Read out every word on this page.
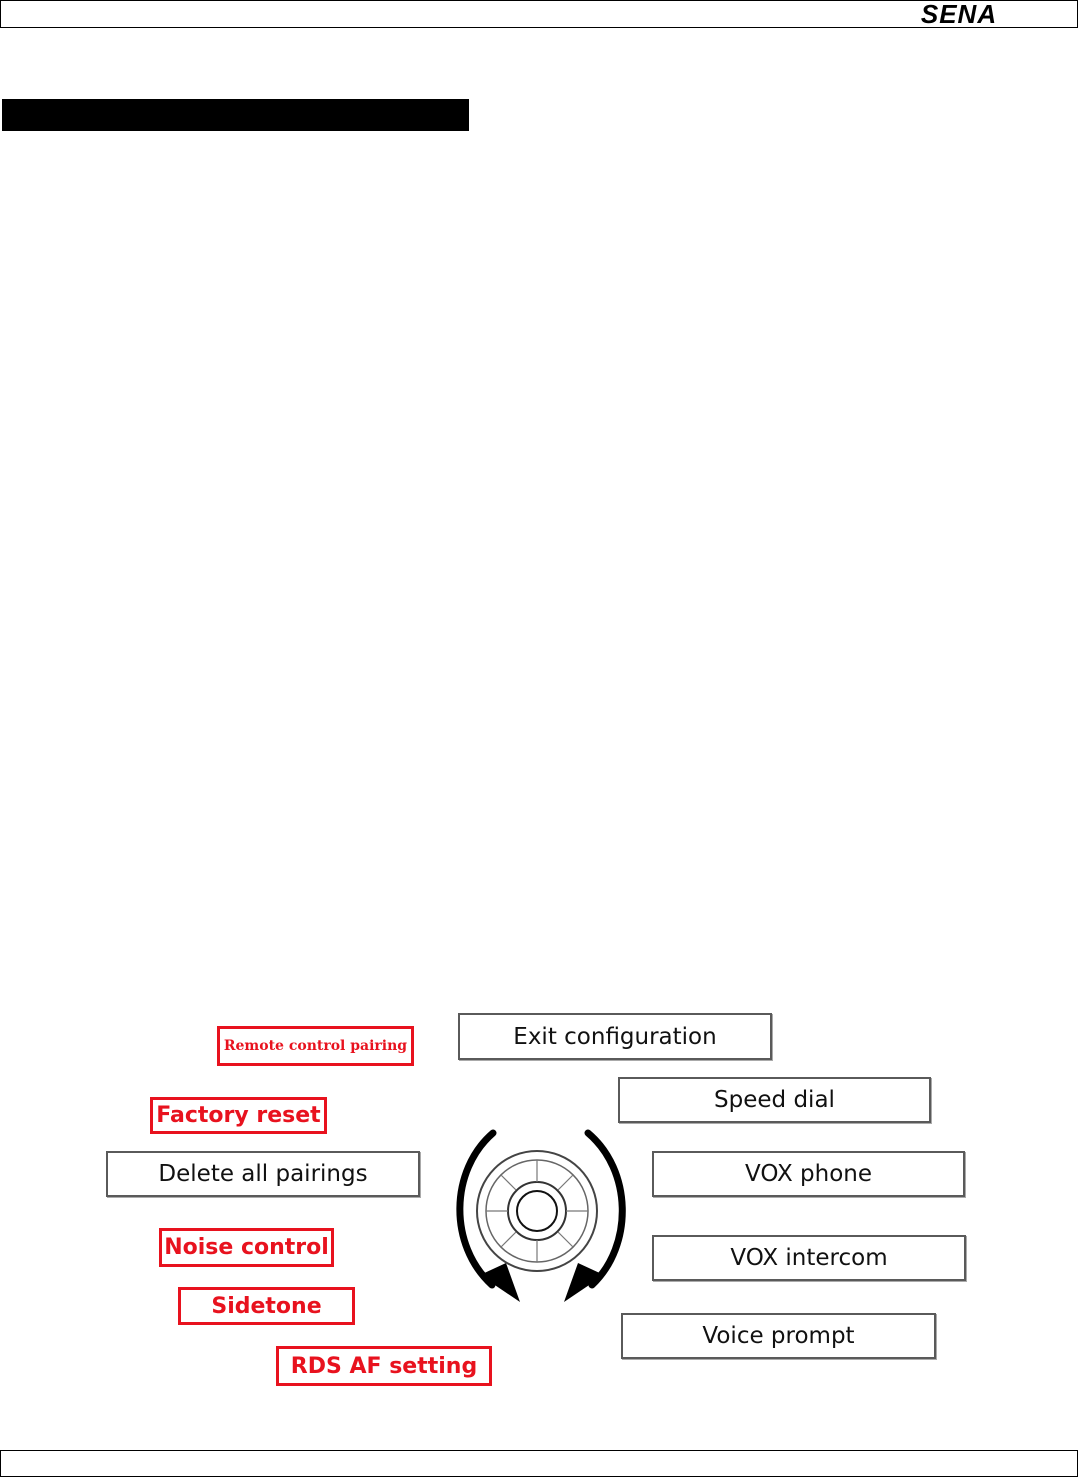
SENA
Remote control pairing
Factory reset
Noise control
Sidetone
RDS AF setting
Exit configuration
Speed dial
Delete all pairings	VOX phone
VOX intercom
Voice prompt
